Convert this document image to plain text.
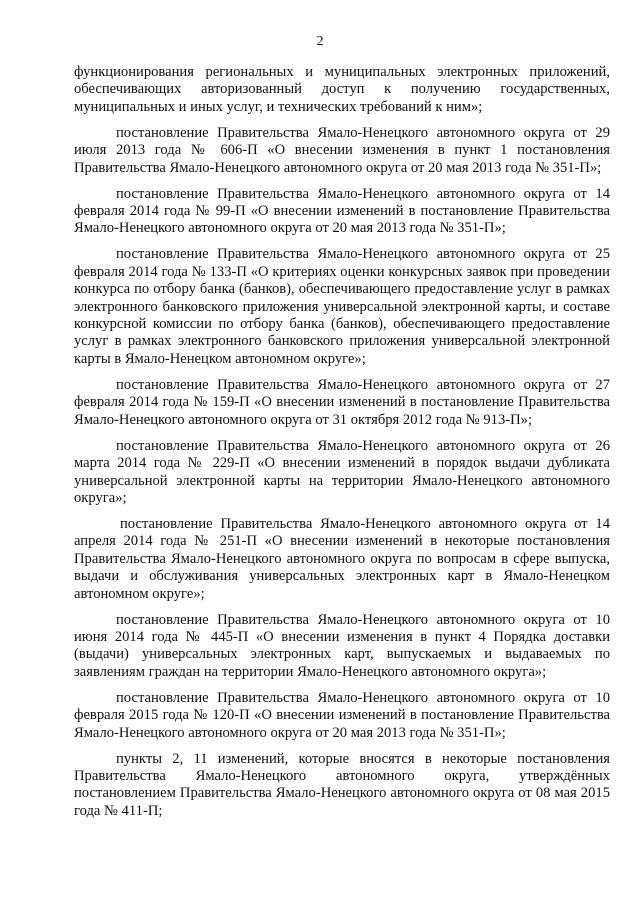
2

функционирования региональных и муниципальных электронных приложений, обеспечивающих авторизованный доступ к получению государственных, муниципальных и иных услуг, и технических требований к ним»;

постановление Правительства Ямало-Ненецкого автономного округа от 29 июля 2013 года № 606-П «О внесении изменения в пункт 1 постановления Правительства Ямало-Ненецкого автономного округа от 20 мая 2013 года № 351-П»;

постановление Правительства Ямало-Ненецкого автономного округа от 14 февраля 2014 года № 99-П «О внесении изменений в постановление Правительства Ямало-Ненецкого автономного округа от 20 мая 2013 года № 351-П»;

постановление Правительства Ямало-Ненецкого автономного округа от 25 февраля 2014 года № 133-П «О критериях оценки конкурсных заявок при проведении конкурса по отбору банка (банков), обеспечивающего предоставление услуг в рамках электронного банковского приложения универсальной электронной карты, и составе конкурсной комиссии по отбору банка (банков), обеспечивающего предоставление услуг в рамках электронного банковского приложения универсальной электронной карты в Ямало-Ненецком автономном округе»;

постановление Правительства Ямало-Ненецкого автономного округа от 27 февраля 2014 года № 159-П «О внесении изменений в постановление Правительства Ямало-Ненецкого автономного округа от 31 октября 2012 года № 913-П»;

постановление Правительства Ямало-Ненецкого автономного округа от 26 марта 2014 года № 229-П «О внесении изменений в порядок выдачи дубликата универсальной электронной карты на территории Ямало-Ненецкого автономного округа»;

постановление Правительства Ямало-Ненецкого автономного округа от 14 апреля 2014 года № 251-П «О внесении изменений в некоторые постановления Правительства Ямало-Ненецкого автономного округа по вопросам в сфере выпуска, выдачи и обслуживания универсальных электронных карт в Ямало-Ненецком автономном округе»;

постановление Правительства Ямало-Ненецкого автономного округа от 10 июня 2014 года № 445-П «О внесении изменения в пункт 4 Порядка доставки (выдачи) универсальных электронных карт, выпускаемых и выдаваемых по заявлениям граждан на территории Ямало-Ненецкого автономного округа»;

постановление Правительства Ямало-Ненецкого автономного округа от 10 февраля 2015 года № 120-П «О внесении изменений в постановление Правительства Ямало-Ненецкого автономного округа от 20 мая 2013 года № 351-П»;

пункты 2, 11 изменений, которые вносятся в некоторые постановления Правительства Ямало-Ненецкого автономного округа, утверждённых постановлением Правительства Ямало-Ненецкого автономного округа от 08 мая 2015 года № 411-П;
